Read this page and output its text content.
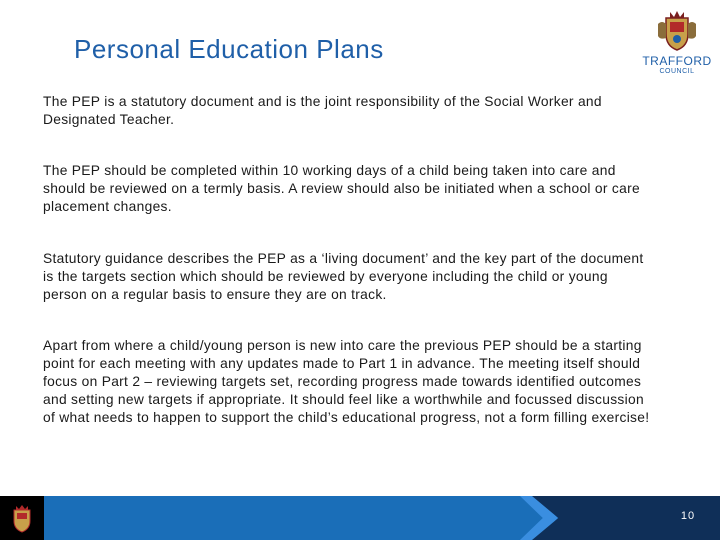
Personal Education Plans	TRAFFORD
COUNCIL

The PEP is a statutory document and is the joint responsibility of the Social Worker and Designated Teacher.

The PEP should be completed within 10 working days of a child being taken into care and should be reviewed on a termly basis. A review should also be initiated when a school or care placement changes.

Statutory guidance describes the PEP as a ‘living document’ and the key part of the document is the targets section which should be reviewed by everyone including the child or young person on a regular basis to ensure they are on track.

Apart from where a child/young person is new into care the previous PEP should be a starting point for each meeting with any updates made to Part 1 in advance. The meeting itself should focus on Part 2 – reviewing targets set, recording progress made towards identified outcomes and setting new targets if appropriate. It should feel like a worthwhile and focussed discussion of what needs to happen to support the child’s educational progress, not a form filling exercise!

10
